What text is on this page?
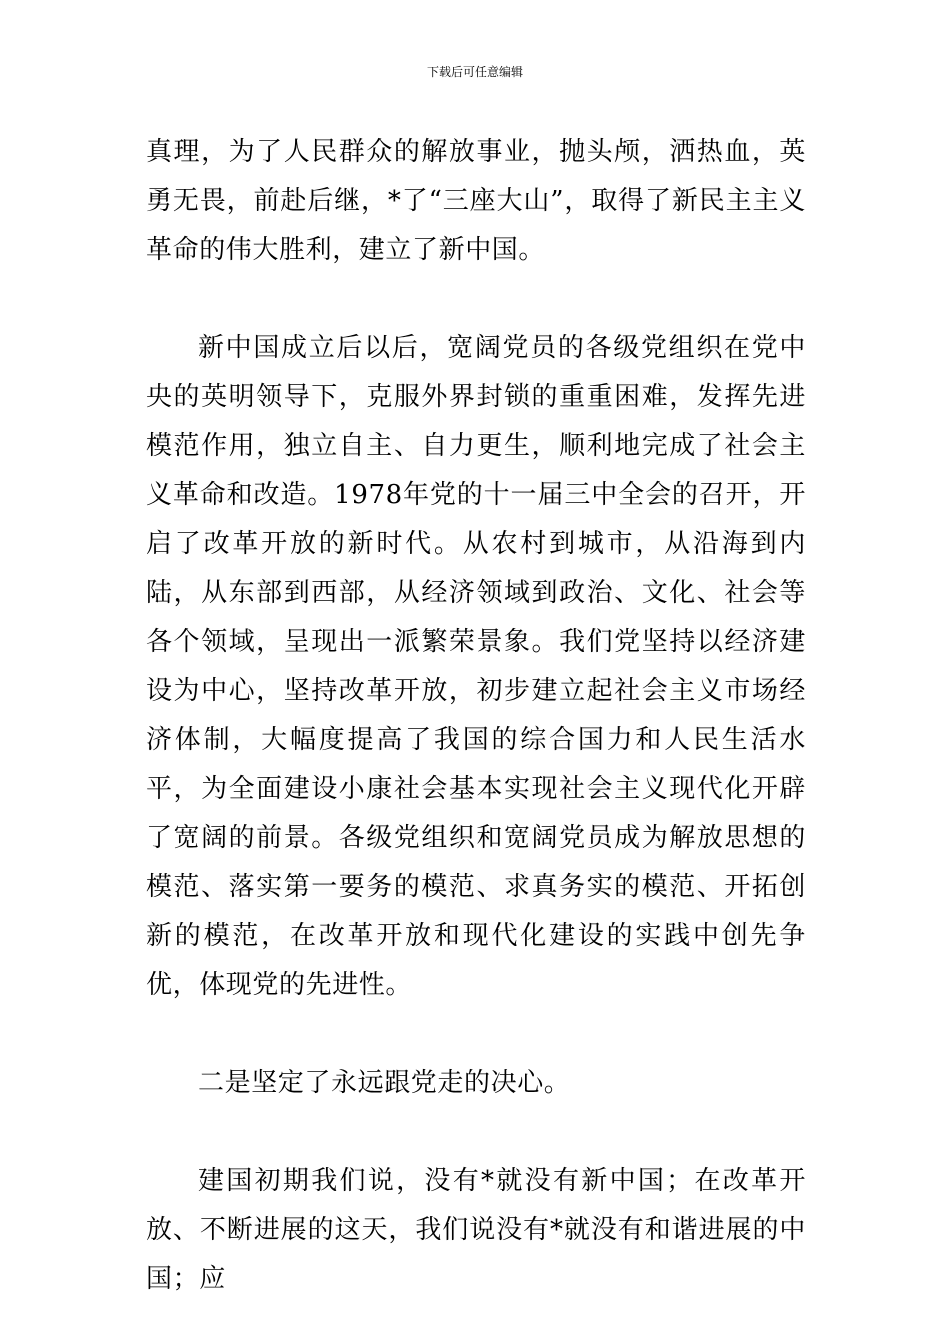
下载后可任意编辑

真理，为了人民群众的解放事业，抛头颅，洒热血，英勇无畏，前赴后继，*了“三座大山”，取得了新民主主义革命的伟大胜利，建立了新中国。

新中国成立后以后，宽阔党员的各级党组织在党中央的英明领导下，克服外界封锁的重重困难，发挥先进模范作用，独立自主、自力更生，顺利地完成了社会主义革命和改造。1978年党的十一届三中全会的召开，开启了改革开放的新时代。从农村到城市，从沿海到内陆，从东部到西部，从经济领域到政治、文化、社会等各个领域，呈现出一派繁荣景象。我们党坚持以经济建设为中心，坚持改革开放，初步建立起社会主义市场经济体制，大幅度提高了我国的综合国力和人民生活水平，为全面建设小康社会基本实现社会主义现代化开辟了宽阔的前景。各级党组织和宽阔党员成为解放思想的模范、落实第一要务的模范、求真务实的模范、开拓创新的模范，在改革开放和现代化建设的实践中创先争优，体现党的先进性。

二是坚定了永远跟党走的决心。

建国初期我们说，没有*就没有新中国；在改革开放、不断进展的这天，我们说没有*就没有和谐进展的中国；应
